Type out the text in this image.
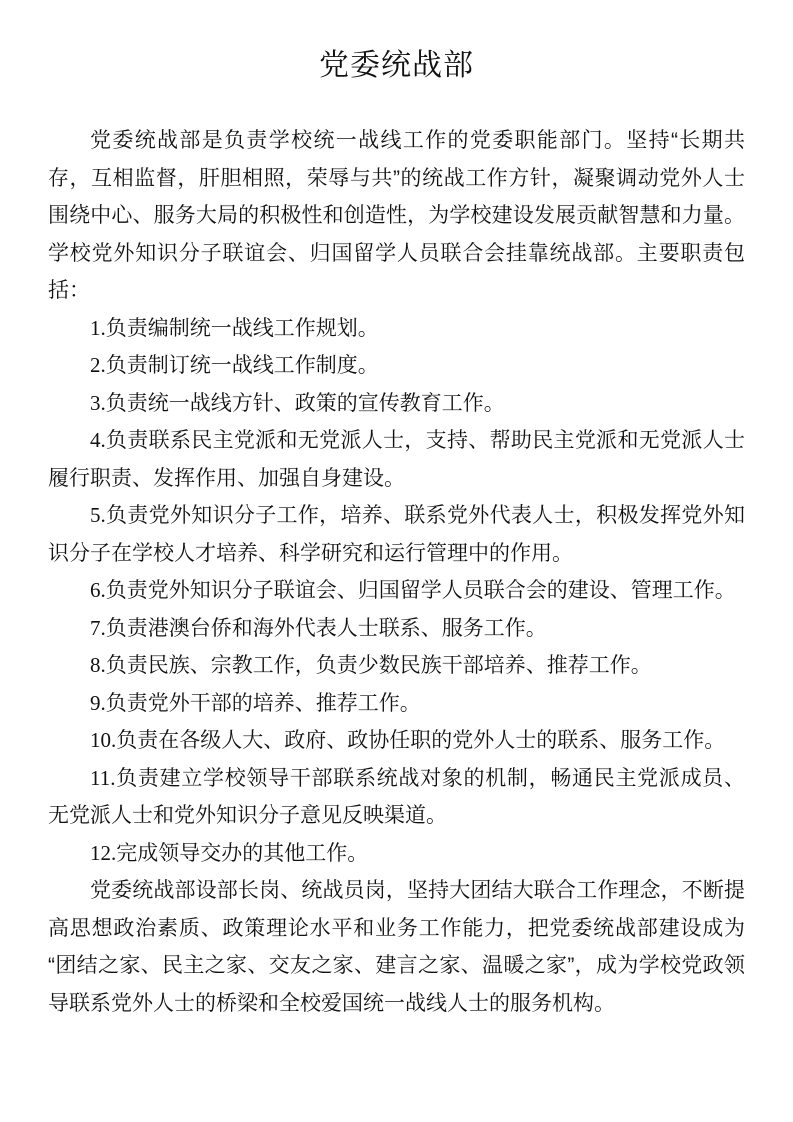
党委统战部

党委统战部是负责学校统一战线工作的党委职能部门。坚持“长期共存，互相监督，肝胆相照，荣辱与共”的统战工作方针，凝聚调动党外人士围绕中心、服务大局的积极性和创造性，为学校建设发展贡献智慧和力量。学校党外知识分子联谊会、归国留学人员联合会挂靠统战部。主要职责包括：

1.负责编制统一战线工作规划。

2.负责制订统一战线工作制度。

3.负责统一战线方针、政策的宣传教育工作。

4.负责联系民主党派和无党派人士，支持、帮助民主党派和无党派人士履行职责、发挥作用、加强自身建设。

5.负责党外知识分子工作，培养、联系党外代表人士，积极发挥党外知识分子在学校人才培养、科学研究和运行管理中的作用。

6.负责党外知识分子联谊会、归国留学人员联合会的建设、管理工作。

7.负责港澳台侨和海外代表人士联系、服务工作。

8.负责民族、宗教工作，负责少数民族干部培养、推荐工作。

9.负责党外干部的培养、推荐工作。

10.负责在各级人大、政府、政协任职的党外人士的联系、服务工作。

11.负责建立学校领导干部联系统战对象的机制，畅通民主党派成员、无党派人士和党外知识分子意见反映渠道。

12.完成领导交办的其他工作。

党委统战部设部长岗、统战员岗，坚持大团结大联合工作理念，不断提高思想政治素质、政策理论水平和业务工作能力，把党委统战部建设成为“团结之家、民主之家、交友之家、建言之家、温暖之家”，成为学校党政领导联系党外人士的桥梁和全校爱国统一战线人士的服务机构。
